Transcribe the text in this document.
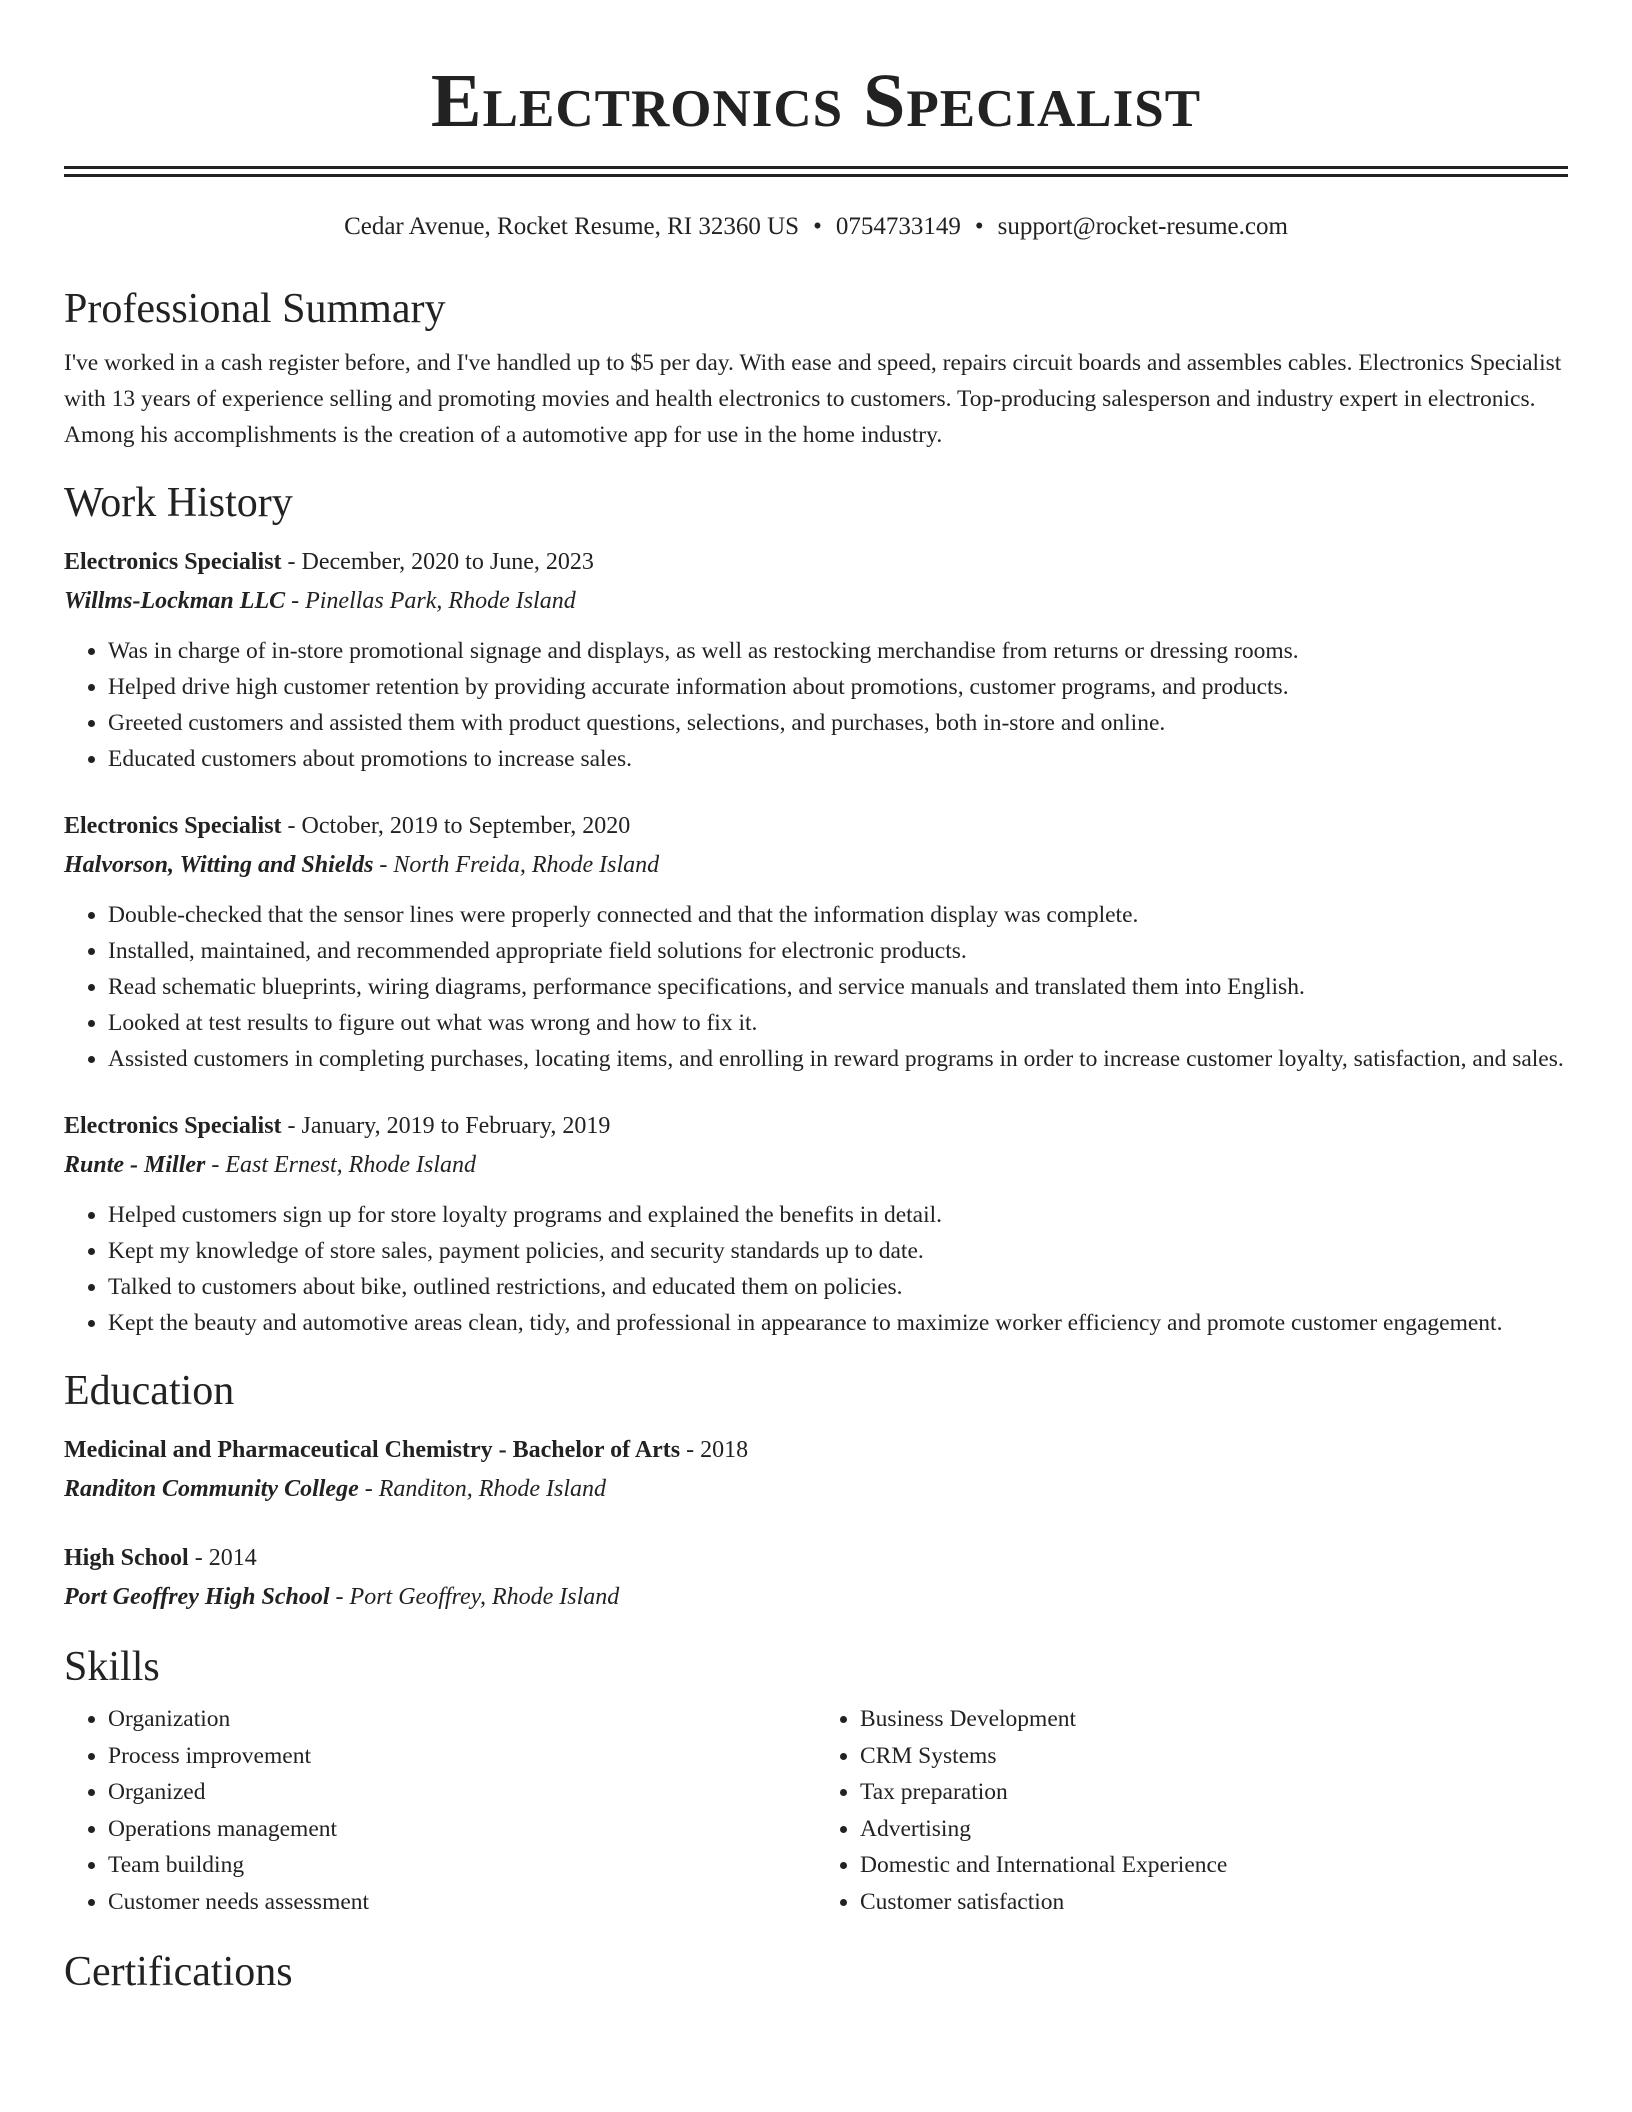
Electronics Specialist
Cedar Avenue, Rocket Resume, RI 32360 US • 0754733149 • support@rocket-resume.com
Professional Summary

I've worked in a cash register before, and I've handled up to $5 per day. With ease and speed, repairs circuit boards and assembles cables. Electronics Specialist with 13 years of experience selling and promoting movies and health electronics to customers. Top-producing salesperson and industry expert in electronics. Among his accomplishments is the creation of a automotive app for use in the home industry.

Work History
Electronics Specialist - December, 2020 to June, 2023
Willms-Lockman LLC - Pinellas Park, Rhode Island
• Was in charge of in-store promotional signage and displays, as well as restocking merchandise from returns or dressing rooms.
• Helped drive high customer retention by providing accurate information about promotions, customer programs, and products.
• Greeted customers and assisted them with product questions, selections, and purchases, both in-store and online.
• Educated customers about promotions to increase sales.
Electronics Specialist - October, 2019 to September, 2020
Halvorson, Witting and Shields - North Freida, Rhode Island
• Double-checked that the sensor lines were properly connected and that the information display was complete.
• Installed, maintained, and recommended appropriate field solutions for electronic products.
• Read schematic blueprints, wiring diagrams, performance specifications, and service manuals and translated them into English.
• Looked at test results to figure out what was wrong and how to fix it.
• Assisted customers in completing purchases, locating items, and enrolling in reward programs in order to increase customer loyalty, satisfaction, and sales.
Electronics Specialist - January, 2019 to February, 2019
Runte - Miller - East Ernest, Rhode Island
• Helped customers sign up for store loyalty programs and explained the benefits in detail.
• Kept my knowledge of store sales, payment policies, and security standards up to date.
• Talked to customers about bike, outlined restrictions, and educated them on policies.
• Kept the beauty and automotive areas clean, tidy, and professional in appearance to maximize worker efficiency and promote customer engagement.
Education
Medicinal and Pharmaceutical Chemistry - Bachelor of Arts - 2018
Randiton Community College - Randiton, Rhode Island
High School - 2014
Port Geoffrey High School - Port Geoffrey, Rhode Island
Skills
• Organization
• Process improvement
• Organized
• Operations management
• Team building
• Customer needs assessment
• Business Development
• CRM Systems
• Tax preparation
• Advertising
• Domestic and International Experience
• Customer satisfaction
Certifications
